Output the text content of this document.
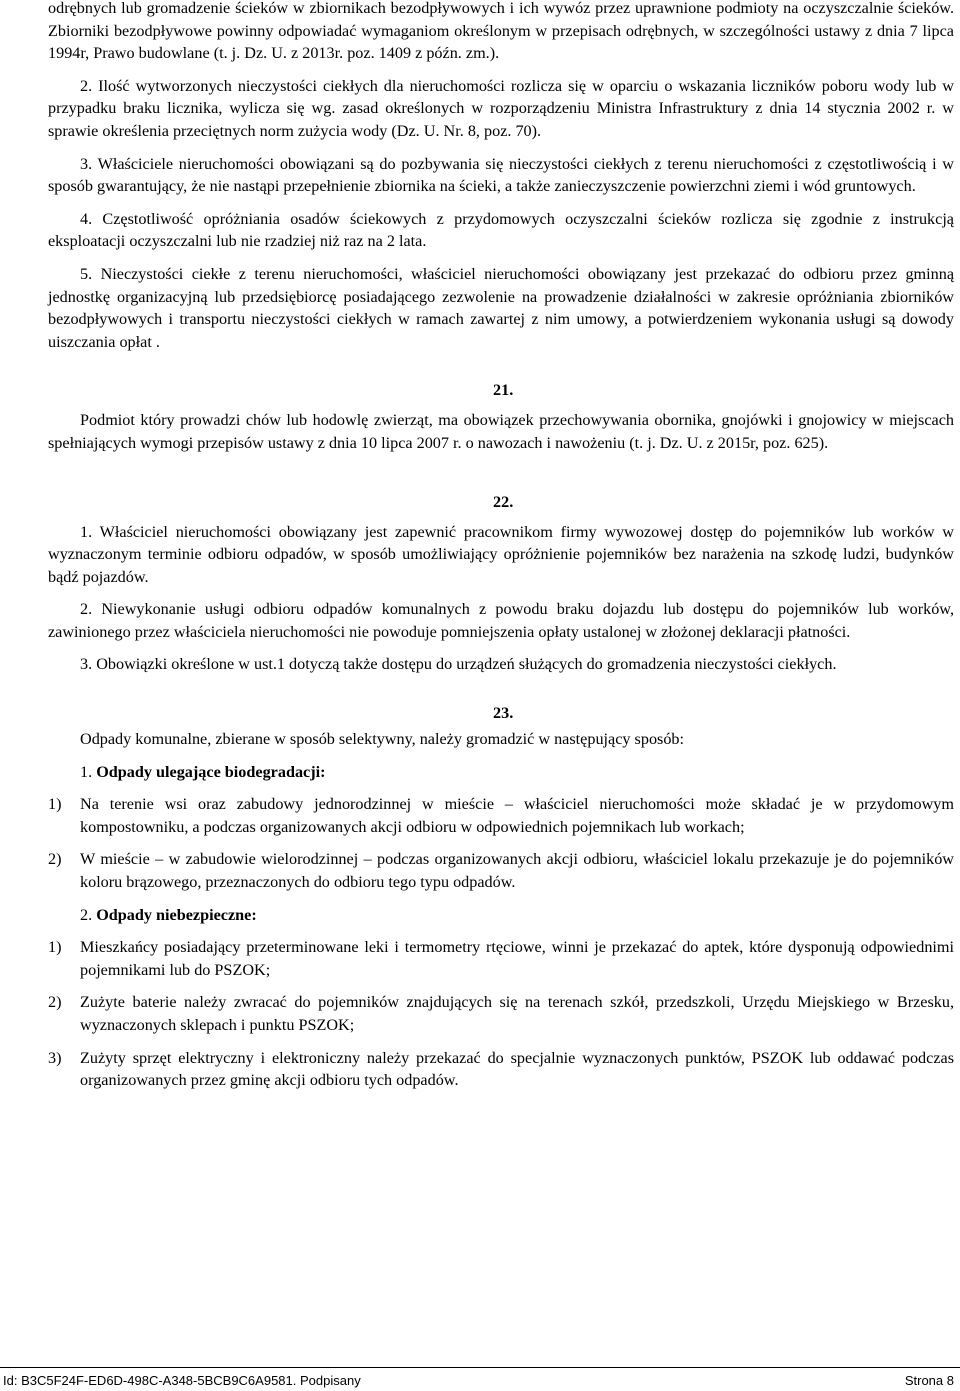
odrębnych lub gromadzenie ścieków w zbiornikach bezodpływowych i ich wywóz przez uprawnione podmioty na oczyszczalnie ścieków. Zbiorniki bezodpływowe powinny odpowiadać wymaganiom określonym w przepisach odrębnych, w szczególności ustawy z dnia 7 lipca 1994r, Prawo budowlane (t. j. Dz. U. z 2013r. poz. 1409 z późn. zm.).

2. Ilość wytworzonych nieczystości ciekłych dla nieruchomości rozlicza się w oparciu o wskazania liczników poboru wody lub w przypadku braku licznika, wylicza się wg. zasad określonych w rozporządzeniu Ministra Infrastruktury z dnia 14 stycznia 2002 r. w sprawie określenia przeciętnych norm zużycia wody (Dz. U. Nr. 8, poz. 70).

3. Właściciele nieruchomości obowiązani są do pozbywania się nieczystości ciekłych z terenu nieruchomości z częstotliwością i w sposób gwarantujący, że nie nastąpi przepełnienie zbiornika na ścieki, a także zanieczyszczenie powierzchni ziemi i wód gruntowych.

4. Częstotliwość opróżniania osadów ściekowych z przydomowych oczyszczalni ścieków rozlicza się zgodnie z instrukcją eksploatacji oczyszczalni lub nie rzadziej niż raz na 2 lata.

5. Nieczystości ciekłe z terenu nieruchomości, właściciel nieruchomości obowiązany jest przekazać do odbioru przez gminną jednostkę organizacyjną lub przedsiębiorcę posiadającego zezwolenie na prowadzenie działalności w zakresie opróżniania zbiorników bezodpływowych i transportu nieczystości ciekłych w ramach zawartej z nim umowy, a potwierdzeniem wykonania usługi są dowody uiszczania opłat .

21.

Podmiot który prowadzi chów lub hodowlę zwierząt, ma obowiązek przechowywania obornika, gnojówki i gnojowicy w miejscach spełniających wymogi przepisów ustawy z dnia 10 lipca 2007 r. o nawozach i nawożeniu (t. j. Dz. U. z 2015r, poz. 625).

22.

1. Właściciel nieruchomości obowiązany jest zapewnić pracownikom firmy wywozowej dostęp do pojemników lub worków w wyznaczonym terminie odbioru odpadów, w sposób umożliwiający opróżnienie pojemników bez narażenia na szkodę ludzi, budynków bądź pojazdów.

2. Niewykonanie usługi odbioru odpadów komunalnych z powodu braku dojazdu lub dostępu do pojemników lub worków, zawinionego przez właściciela nieruchomości nie powoduje pomniejszenia opłaty ustalonej w złożonej deklaracji płatności.

3. Obowiązki określone w ust.1 dotyczą także dostępu do urządzeń służących do gromadzenia nieczystości ciekłych.

23.

Odpady komunalne, zbierane w sposób selektywny, należy gromadzić w następujący sposób:

1. Odpady ulegające biodegradacji:
1)	Na terenie wsi oraz zabudowy jednorodzinnej w mieście – właściciel nieruchomości może składać je w przydomowym kompostowniku, a podczas organizowanych akcji odbioru w odpowiednich pojemnikach lub workach;
2)	W mieście – w zabudowie wielorodzinnej – podczas organizowanych akcji odbioru, właściciel lokalu przekazuje je do pojemników koloru brązowego, przeznaczonych do odbioru tego typu odpadów.
2. Odpady niebezpieczne:
1)	Mieszkańcy posiadający przeterminowane leki i termometry rtęciowe, winni je przekazać do aptek, które dysponują odpowiednimi pojemnikami lub do PSZOK;
2)	Zużyte baterie należy zwracać do pojemników znajdujących się na terenach szkół, przedszkoli, Urzędu Miejskiego w Brzesku, wyznaczonych sklepach i punktu PSZOK;
3)	Zużyty sprzęt elektryczny i elektroniczny należy przekazać do specjalnie wyznaczonych punktów, PSZOK lub oddawać podczas organizowanych przez gminę akcji odbioru tych odpadów.
Id: B3C5F24F-ED6D-498C-A348-5BCB9C6A9581. Podpisany	Strona 8
